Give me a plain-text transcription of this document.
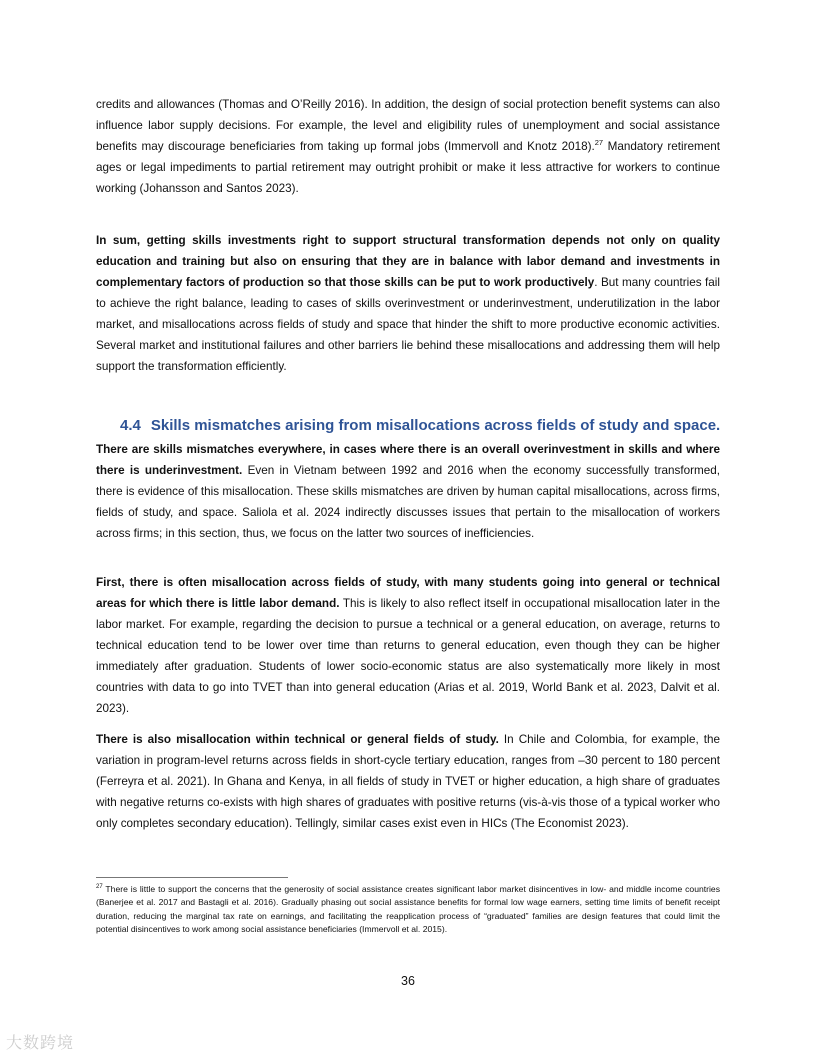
credits and allowances (Thomas and O’Reilly 2016). In addition, the design of social protection benefit systems can also influence labor supply decisions. For example, the level and eligibility rules of unemployment and social assistance benefits may discourage beneficiaries from taking up formal jobs (Immervoll and Knotz 2018).$^{27}$ Mandatory retirement ages or legal impediments to partial retirement may outright prohibit or make it less attractive for workers to continue working (Johansson and Santos 2023).

In sum, getting skills investments right to support structural transformation depends not only on quality education and training but also on ensuring that they are in balance with labor demand and investments in complementary factors of production so that those skills can be put to work productively. But many countries fail to achieve the right balance, leading to cases of skills overinvestment or underinvestment, underutilization in the labor market, and misallocations across fields of study and space that hinder the shift to more productive economic activities. Several market and institutional failures and other barriers lie behind these misallocations and addressing them will help support the transformation efficiently.

4.4 Skills mismatches arising from misallocations across fields of study and space.

There are skills mismatches everywhere, in cases where there is an overall overinvestment in skills and where there is underinvestment. Even in Vietnam between 1992 and 2016 when the economy successfully transformed, there is evidence of this misallocation. These skills mismatches are driven by human capital misallocations, across firms, fields of study, and space. Saliola et al. 2024 indirectly discusses issues that pertain to the misallocation of workers across firms; in this section, thus, we focus on the latter two sources of inefficiencies.

First, there is often misallocation across fields of study, with many students going into general or technical areas for which there is little labor demand. This is likely to also reflect itself in occupational misallocation later in the labor market. For example, regarding the decision to pursue a technical or a general education, on average, returns to technical education tend to be lower over time than returns to general education, even though they can be higher immediately after graduation. Students of lower socio-economic status are also systematically more likely in most countries with data to go into TVET than into general education (Arias et al. 2019, World Bank et al. 2023, Dalvit et al. 2023).

There is also misallocation within technical or general fields of study. In Chile and Colombia, for example, the variation in program-level returns across fields in short-cycle tertiary education, ranges from –30 percent to 180 percent (Ferreyra et al. 2021). In Ghana and Kenya, in all fields of study in TVET or higher education, a high share of graduates with negative returns co-exists with high shares of graduates with positive returns (vis-à-vis those of a typical worker who only completes secondary education). Tellingly, similar cases exist even in HICs (The Economist 2023).

$^{27}$ There is little to support the concerns that the generosity of social assistance creates significant labor market disincentives in low- and middle income countries (Banerjee et al. 2017 and Bastagli et al. 2016). Gradually phasing out social assistance benefits for formal low wage earners, setting time limits of benefit receipt duration, reducing the marginal tax rate on earnings, and facilitating the reapplication process of “graduated” families are design features that could limit the potential disincentives to work among social assistance beneficiaries (Immervoll et al. 2015).

36
大数跨境
